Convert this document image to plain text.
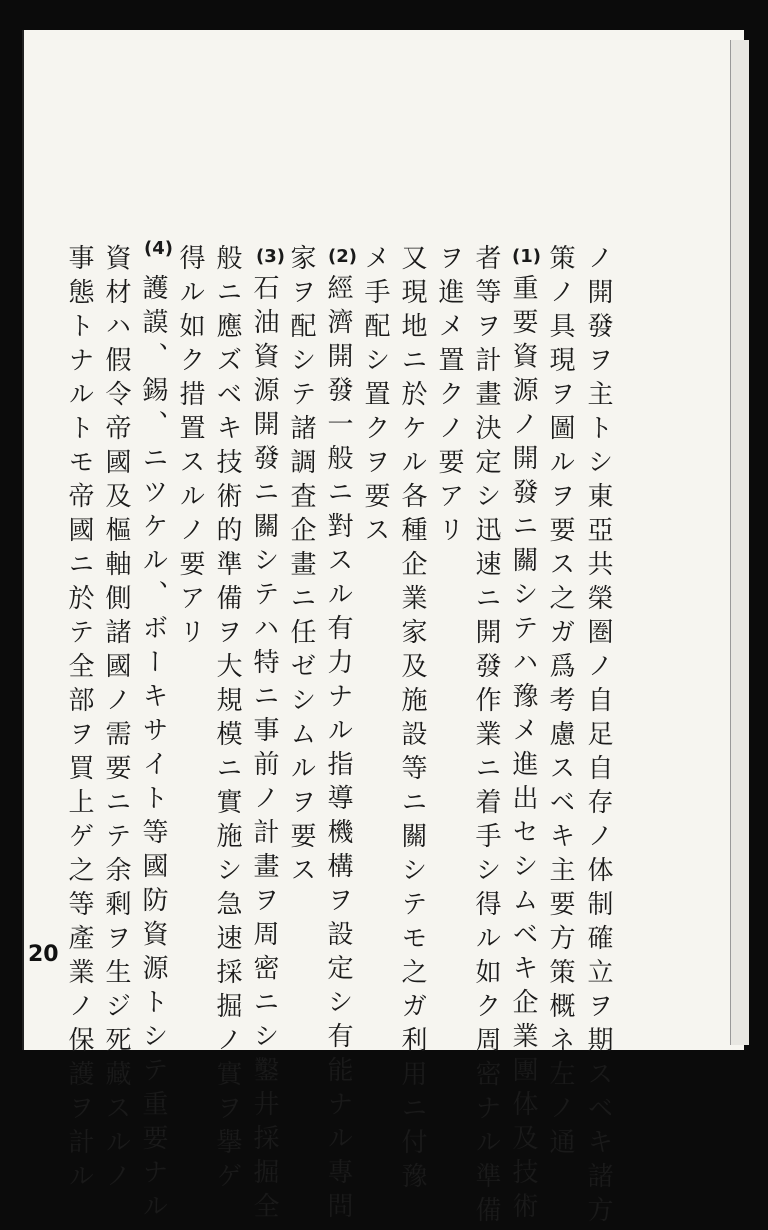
ノ開發ヲ主トシ東亞共榮圏ノ自足自存ノ体制確立ヲ期スベキ諸方
策ノ具現ヲ圖ルヲ要ス之ガ爲考慮スベキ主要方策概ネ左ノ通
重要資源ノ開發ニ關シテハ豫メ進出セシムベキ企業團体及技術
者等ヲ計畫決定シ迅速ニ開發作業ニ着手シ得ル如ク周密ナル準備
ヲ進メ置クノ要アリ
又現地ニ於ケル各種企業家及施設等ニ關シテモ之ガ利用ニ付豫
メ手配シ置クヲ要ス
經濟開發一般ニ對スル有力ナル指導機構ヲ設定シ有能ナル專問
家ヲ配シテ諸調査企畫ニ任ゼシムルヲ要ス
石油資源開發ニ關シテハ特ニ事前ノ計畫ヲ周密ニシ鑿井採掘全
般ニ應ズベキ技術的準備ヲ大規模ニ實施シ急速採掘ノ實ヲ擧ゲ
得ル如ク措置スルノ要アリ
護謨、錫、ニツケル、ボーキサイト等國防資源トシテ重要ナル
資材ハ假令帝國及樞軸側諸國ノ需要ニテ余剩ヲ生ジ死藏スルノ
事態トナルトモ帝國ニ於テ全部ヲ買上ゲ之等產業ノ保護ヲ計ル	(1)
(2)
(3)
(4)
20
